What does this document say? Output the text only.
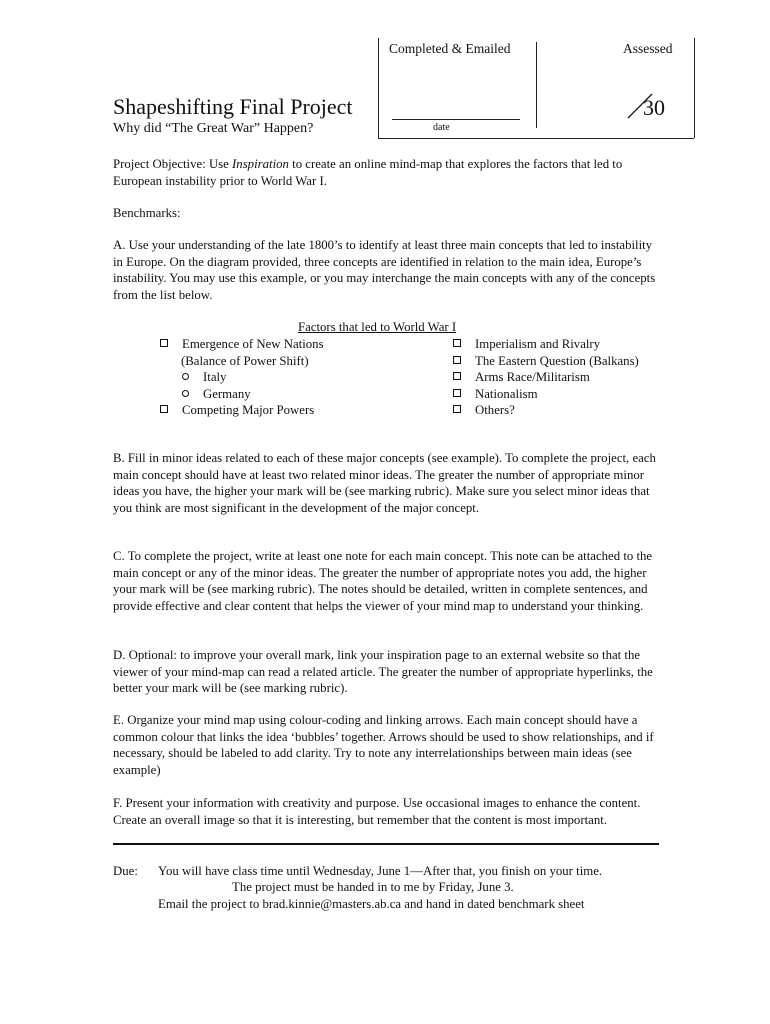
Completed & Emailed	Assessed
date
30
Shapeshifting Final Project
Why did “The Great War” Happen?
Project Objective: Use Inspiration to create an online mind-map that explores the factors that led to European instability prior to World War I.
Benchmarks:

A. Use your understanding of the late 1800’s to identify at least three main concepts that led to instability in Europe. On the diagram provided, three concepts are identified in relation to the main idea, Europe’s instability. You may use this example, or you may interchange the main concepts with any of the concepts from the list below.

Factors that led to World War I
Emergence of New Nations
(Balance of Power Shift)
Italy
Germany
Competing Major Powers
Imperialism and Rivalry
The Eastern Question (Balkans)
Arms Race/Militarism
Nationalism
Others?

B. Fill in minor ideas related to each of these major concepts (see example). To complete the project, each main concept should have at least two related minor ideas. The greater the number of appropriate minor ideas you have, the higher your mark will be (see marking rubric). Make sure you select minor ideas that you think are most significant in the development of the major concept.

C. To complete the project, write at least one note for each main concept. This note can be attached to the main concept or any of the minor ideas. The greater the number of appropriate notes you add, the higher your mark will be (see marking rubric). The notes should be detailed, written in complete sentences, and provide effective and clear content that helps the viewer of your mind map to understand your thinking.

D. Optional: to improve your overall mark, link your inspiration page to an external website so that the viewer of your mind-map can read a related article. The greater the number of appropriate hyperlinks, the better your mark will be (see marking rubric).

E. Organize your mind map using colour-coding and linking arrows. Each main concept should have a common colour that links the idea ‘bubbles’ together. Arrows should be used to show relationships, and if necessary, should be labeled to add clarity. Try to note any interrelationships between main ideas (see example)

F. Present your information with creativity and purpose. Use occasional images to enhance the content. Create an overall image so that it is interesting, but remember that the content is most important.

Due: You will have class time until Wednesday, June 1—After that, you finish on your time.
The project must be handed in to me by Friday, June 3.
Email the project to brad.kinnie@masters.ab.ca and hand in dated benchmark sheet
